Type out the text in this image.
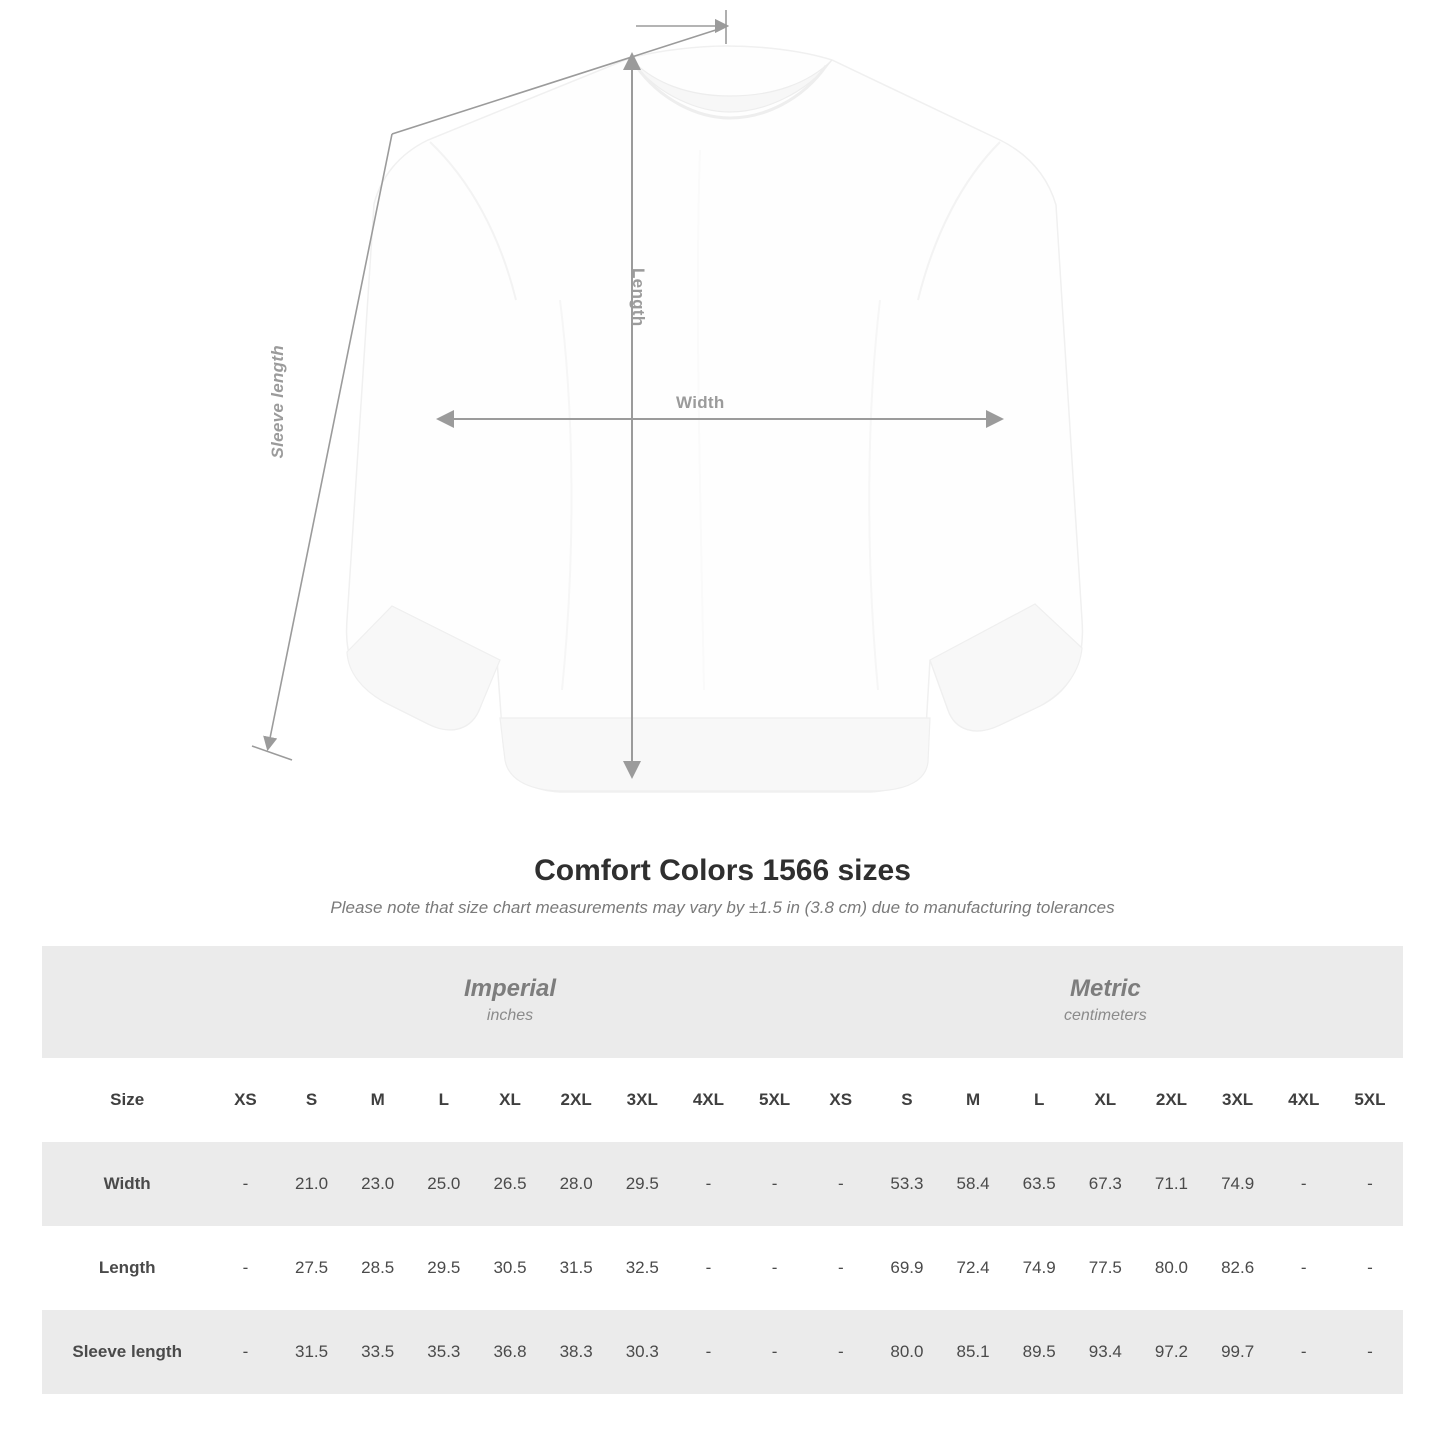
Width
Length
Sleeve length
Comfort Colors 1566 sizes

Please note that size chart measurements may vary by ±1.5 in (3.8 cm) due to manufacturing tolerances

Imperial
inches

Metric
centimeters

Size	XS	S	M	L	XL	2XL	3XL	4XL	5XL	XS	S	M	L	XL	2XL	3XL	4XL	5XL
Width	-	21.0	23.0	25.0	26.5	28.0	29.5	-	-	-	53.3	58.4	63.5	67.3	71.1	74.9	-	-
Length	-	27.5	28.5	29.5	30.5	31.5	32.5	-	-	-	69.9	72.4	74.9	77.5	80.0	82.6	-	-
Sleeve length	-	31.5	33.5	35.3	36.8	38.3	30.3	-	-	-	80.0	85.1	89.5	93.4	97.2	99.7	-	-
